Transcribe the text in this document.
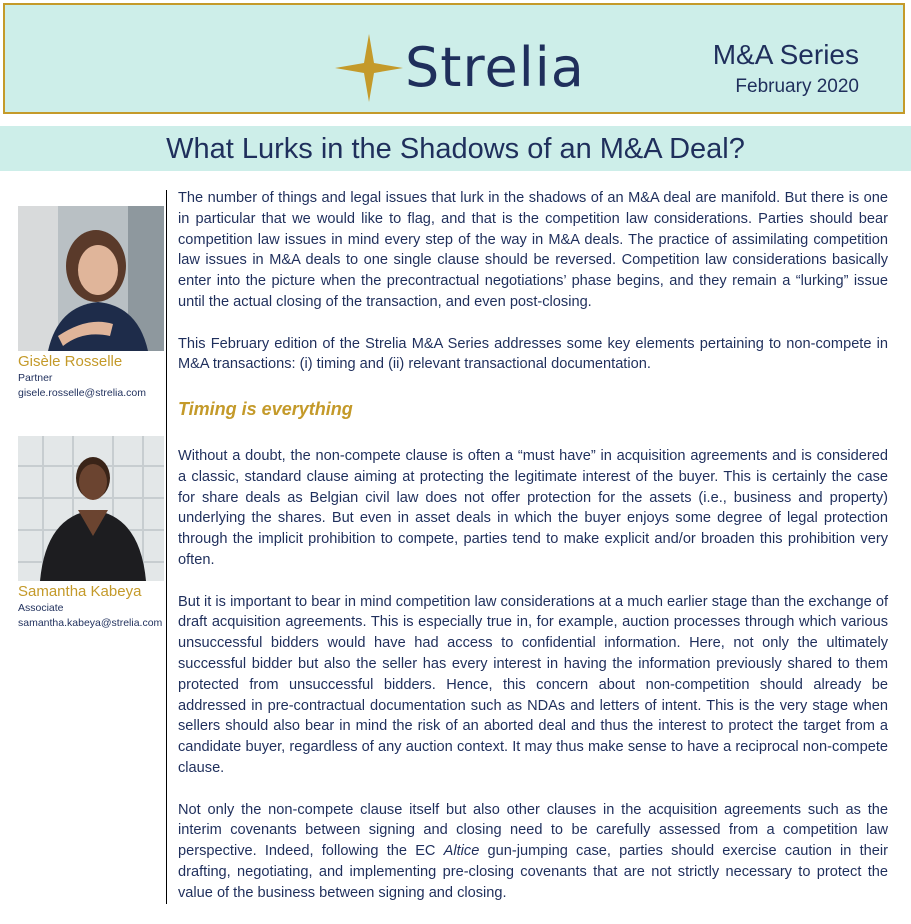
Strelia	M&A Series
February 2020
What Lurks in the Shadows of an M&A Deal?
Gisèle Rosselle
Partner
gisele.rosselle@strelia.com
Samantha Kabeya
Associate
samantha.kabeya@strelia.com

The number of things and legal issues that lurk in the shadows of an M&A deal are manifold. But there is one in particular that we would like to flag, and that is the competition law considerations. Parties should bear competition law issues in mind every step of the way in M&A deals. The practice of assimilating competition law issues in M&A deals to one single clause should be reversed. Competition law considerations basically enter into the picture when the precontractual negotiations’ phase begins, and they remain a “lurking” issue until the actual closing of the transaction, and even post-closing.

This February edition of the Strelia M&A Series addresses some key elements pertaining to non-compete in M&A transactions: (i) timing and (ii) relevant transactional documentation.

Timing is everything

Without a doubt, the non-compete clause is often a “must have” in acquisition agreements and is considered a classic, standard clause aiming at protecting the legitimate interest of the buyer. This is certainly the case for share deals as Belgian civil law does not offer protection for the assets (i.e., business and property) underlying the shares. But even in asset deals in which the buyer enjoys some degree of legal protection through the implicit prohibition to compete, parties tend to make explicit and/or broaden this prohibition very often.

But it is important to bear in mind competition law considerations at a much earlier stage than the exchange of draft acquisition agreements. This is especially true in, for example, auction processes through which various unsuccessful bidders would have had access to confidential information. Here, not only the ultimately successful bidder but also the seller has every interest in having the information previously shared to them protected from unsuccessful bidders. Hence, this concern about non-competition should already be addressed in pre-contractual documentation such as NDAs and letters of intent. This is the very stage when sellers should also bear in mind the risk of an aborted deal and thus the interest to protect the target from a candidate buyer, regardless of any auction context. It may thus make sense to have a reciprocal non-compete clause.

Not only the non-compete clause itself but also other clauses in the acquisition agreements such as the interim covenants between signing and closing need to be carefully assessed from a competition law perspective. Indeed, following the EC Altice gun-jumping case, parties should exercise caution in their drafting, negotiating, and implementing pre-closing covenants that are not strictly necessary to protect the value of the business between signing and closing.
